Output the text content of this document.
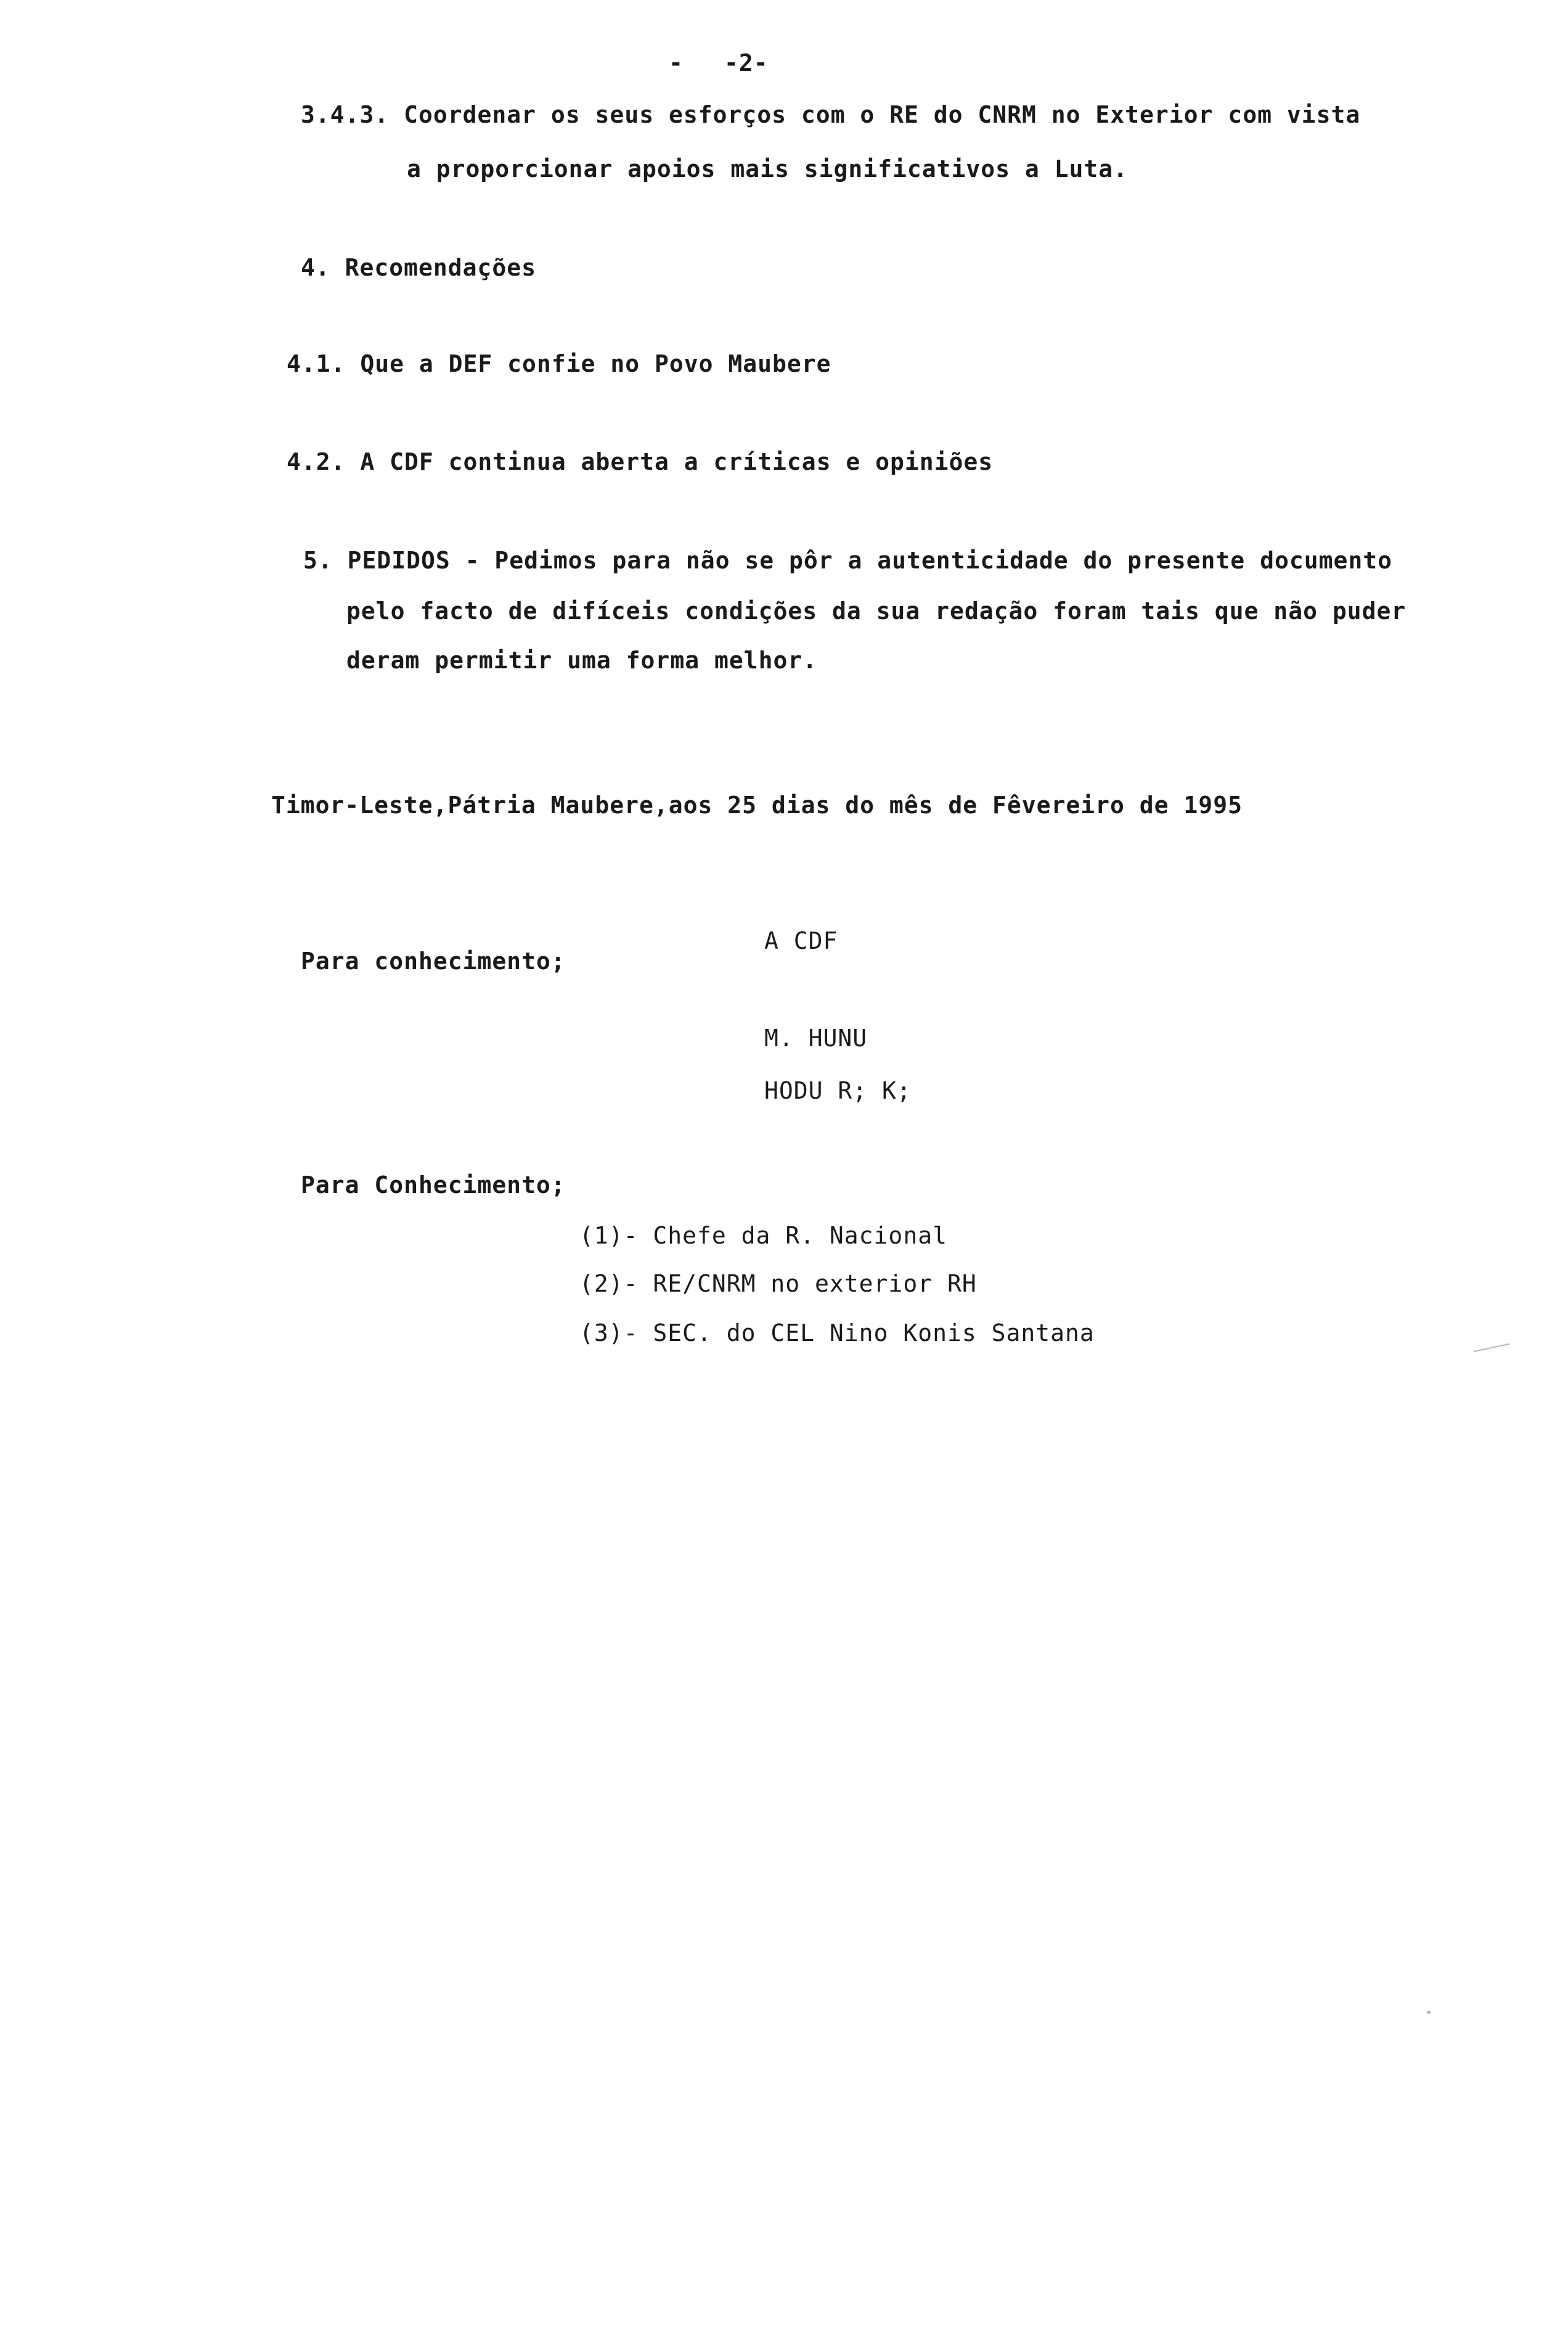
- -2-
3.4.3. Coordenar os seus esforços com o RE do CNRM no Exterior com vista
a proporcionar apoios mais significativos a Luta.
4. Recomendações
4.1. Que a DEF confie no Povo Maubere
4.2. A CDF continua aberta a críticas e opiniões
5. PEDIDOS - Pedimos para não se pôr a autenticidade do presente documento
pelo facto de difíceis condições da sua redação foram tais que não puder
deram permitir uma forma melhor.
Timor-Leste,Pátria Maubere,aos 25 dias do mês de Fêvereiro de 1995
Para conhecimento;
A CDF
M. HUNU
HODU R; K;
Para Conhecimento;
(1)- Chefe da R. Nacional
(2)- RE/CNRM no exterior RH
(3)- SEC. do CEL Nino Konis Santana
